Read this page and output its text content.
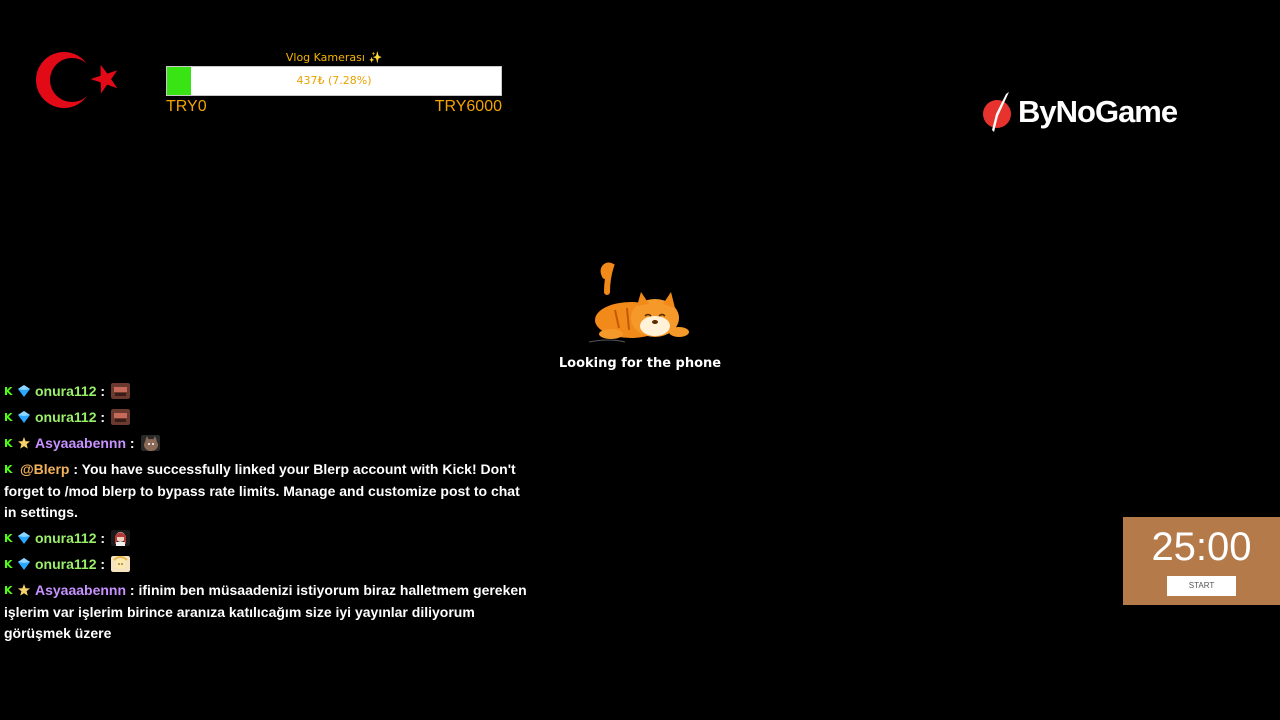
Vlog Kamerası ✨
437₺ (7.28%)
TRY0	TRY6000	ByNoGame
Looking for the phone
K onura112 :
K onura112 :
K Asyaaabennn :
K @Blerp : You have successfully linked your Blerp account with Kick! Don't forget to /mod blerp to bypass rate limits. Manage and customize post to chat in settings.
K onura112 :
K onura112 :
K Asyaaabennn : ifinim ben müsaadenizi istiyorum biraz halletmem gereken işlerim var işlerim birince aranıza katılıcağım size iyi yayınlar diliyorum görüşmek üzere
25:00
START
